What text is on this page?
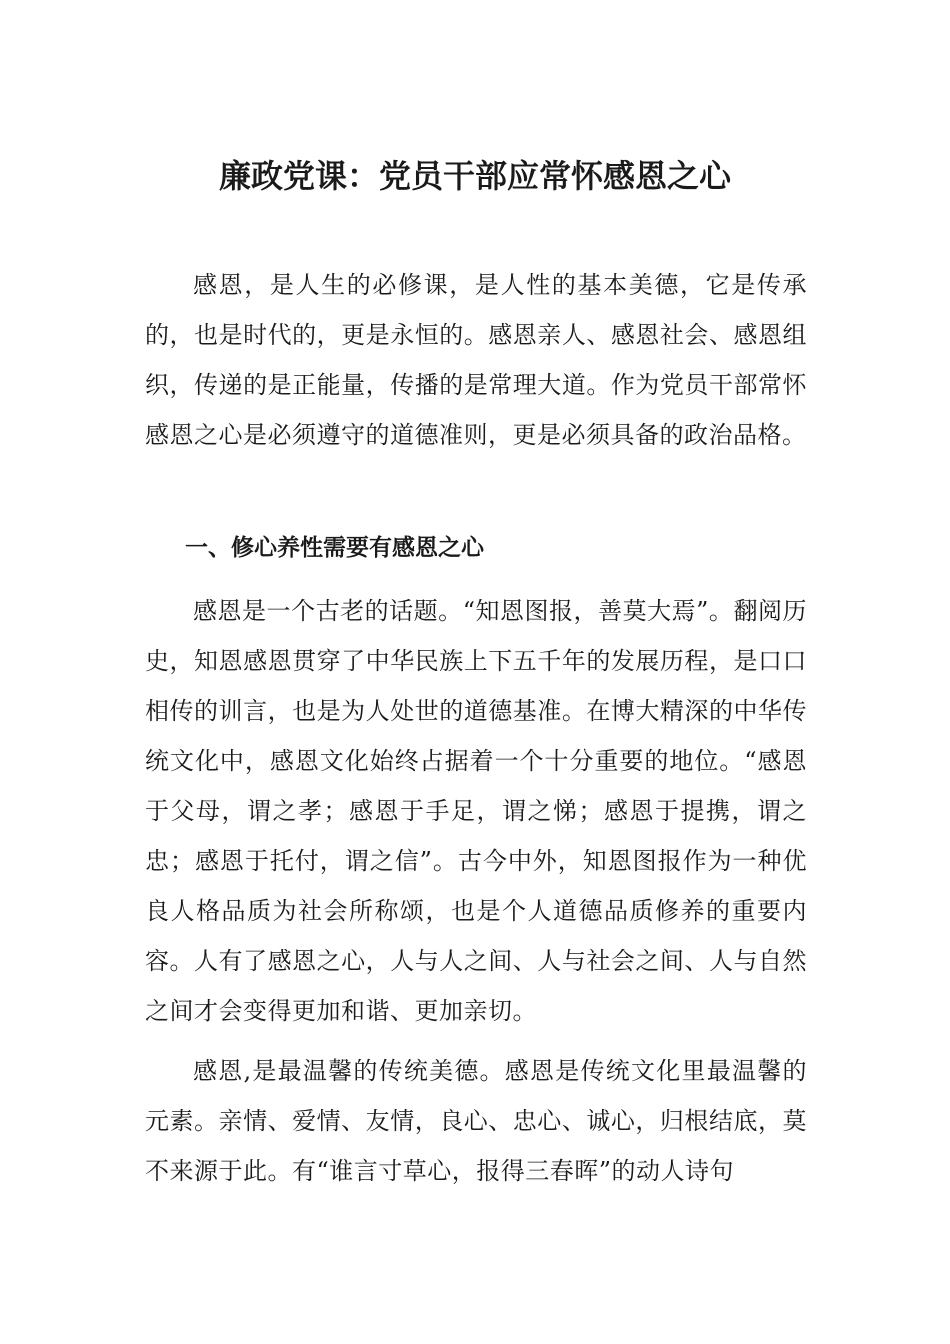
廉政党课：党员干部应常怀感恩之心

感恩，是人生的必修课，是人性的基本美德，它是传承的，也是时代的，更是永恒的。感恩亲人、感恩社会、感恩组织，传递的是正能量，传播的是常理大道。作为党员干部常怀感恩之心是必须遵守的道德准则，更是必须具备的政治品格。

一、修心养性需要有感恩之心

感恩是一个古老的话题。“知恩图报，善莫大焉”。翻阅历史，知恩感恩贯穿了中华民族上下五千年的发展历程，是口口相传的训言，也是为人处世的道德基准。在博大精深的中华传统文化中，感恩文化始终占据着一个十分重要的地位。“感恩于父母，谓之孝；感恩于手足，谓之悌；感恩于提携，谓之忠；感恩于托付，谓之信”。古今中外，知恩图报作为一种优良人格品质为社会所称颂，也是个人道德品质修养的重要内容。人有了感恩之心，人与人之间、人与社会之间、人与自然之间才会变得更加和谐、更加亲切。

感恩,是最温馨的传统美德。感恩是传统文化里最温馨的元素。亲情、爱情、友情，良心、忠心、诚心，归根结底，莫不来源于此。有“谁言寸草心，报得三春晖”的动人诗句
